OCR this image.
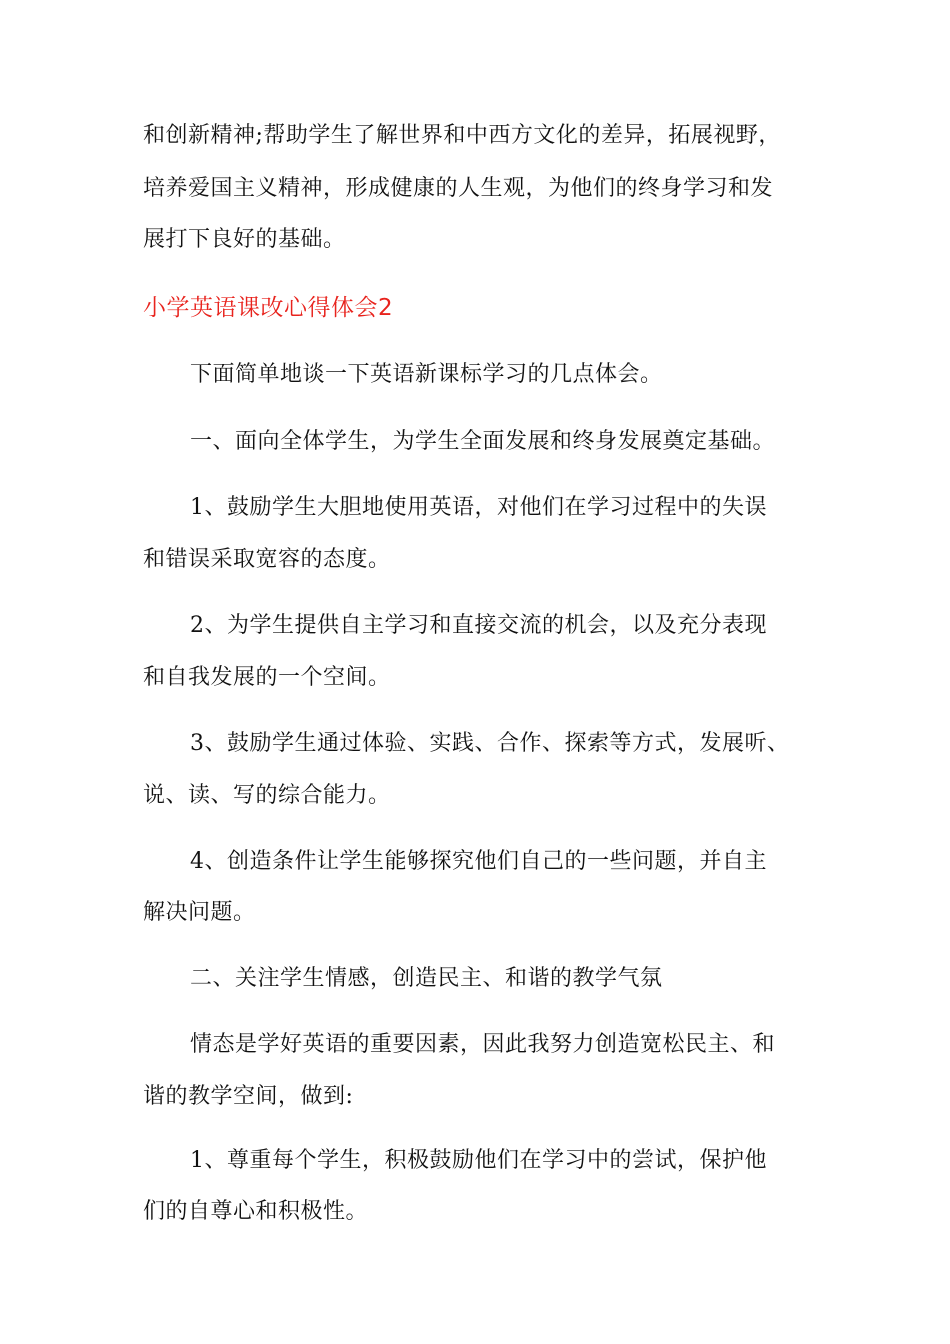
和创新精神;帮助学生了解世界和中西方文化的差异，拓展视野，
培养爱国主义精神，形成健康的人生观，为他们的终身学习和发
展打下良好的基础。
小学英语课改心得体会2
下面简单地谈一下英语新课标学习的几点体会。
一、面向全体学生，为学生全面发展和终身发展奠定基础。
1、鼓励学生大胆地使用英语，对他们在学习过程中的失误
和错误采取宽容的态度。
2、为学生提供自主学习和直接交流的机会，以及充分表现
和自我发展的一个空间。
3、鼓励学生通过体验、实践、合作、探索等方式，发展听、
说、读、写的综合能力。
4、创造条件让学生能够探究他们自己的一些问题，并自主
解决问题。
二、关注学生情感，创造民主、和谐的教学气氛
情态是学好英语的重要因素，因此我努力创造宽松民主、和
谐的教学空间，做到:
1、尊重每个学生，积极鼓励他们在学习中的尝试，保护他
们的自尊心和积极性。
